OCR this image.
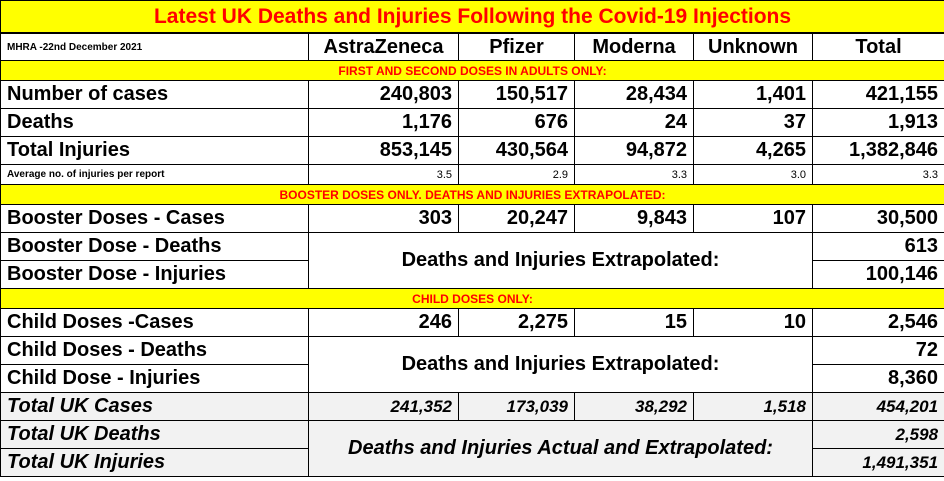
Latest UK Deaths and Injuries Following the Covid-19 Injections					
MHRA -22nd December 2021	AstraZeneca	Pfizer	Moderna	Unknown	Total
FIRST AND SECOND DOSES IN ADULTS ONLY:					
Number of cases	240,803	150,517	28,434	1,401	421,155
Deaths	1,176	676	24	37	1,913
Total Injuries	853,145	430,564	94,872	4,265	1,382,846
Average no. of injuries per report	3.5	2.9	3.3	3.0	3.3
BOOSTER DOSES ONLY. DEATHS AND INJURIES EXTRAPOLATED:					
Booster Doses - Cases	303	20,247	9,843	107	30,500
Booster Dose - Deaths	Deaths and Injuries Extrapolated:				613
Booster Dose - Injuries					100,146
CHILD DOSES ONLY:					
Child Doses -Cases	246	2,275	15	10	2,546
Child Doses - Deaths	Deaths and Injuries Extrapolated:				72
Child Dose - Injuries					8,360
Total UK Cases	241,352	173,039	38,292	1,518	454,201
Total UK Deaths	Deaths and Injuries Actual and Extrapolated:				2,598
Total UK Injuries					1,491,351
